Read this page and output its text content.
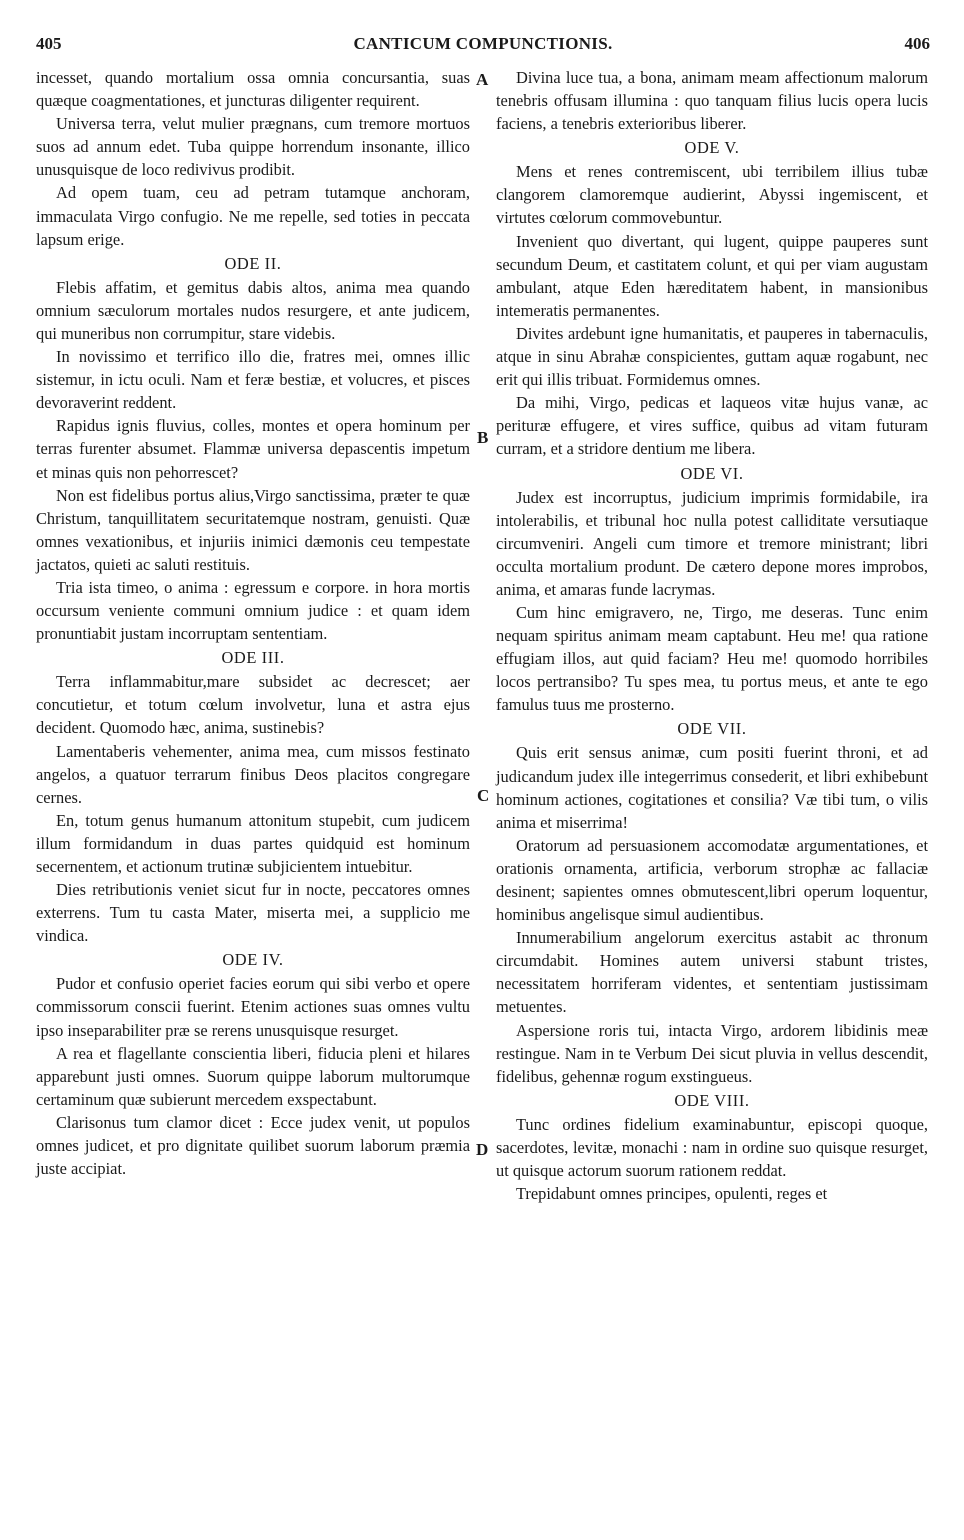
405	CANTICUM COMPUNCTIONIS.	406
A
B
C
D

incesset, quando mortalium ossa omnia concursantia, suas quæque coagmentationes, et juncturas diligenter requirent.

Universa terra, velut mulier prægnans, cum tremore mortuos suos ad annum edet. Tuba quippe horrendum insonante, illico unusquisque de loco redivivus prodibit.

Ad opem tuam, ceu ad petram tutamque anchoram, immaculata Virgo confugio. Ne me repelle, sed toties in peccata lapsum erige.

ODE II.

Flebis affatim, et gemitus dabis altos, anima mea quando omnium sæculorum mortales nudos resurgere, et ante judicem, qui muneribus non corrumpitur, stare videbis.

In novissimo et terrifico illo die, fratres mei, omnes illic sistemur, in ictu oculi. Nam et feræ bestiæ, et volucres, et pisces devoraverint reddent.

Rapidus ignis fluvius, colles, montes et opera hominum per terras furenter absumet. Flammæ universa depascentis impetum et minas quis non pehorrescet?

Non est fidelibus portus alius,Virgo sanctissima, præter te quæ Christum, tanquillitatem securitatemque nostram, genuisti. Quæ omnes vexationibus, et injuriis inimici dæmonis ceu tempestate jactatos, quieti ac saluti restituis.

Tria ista timeo, o anima : egressum e corpore. in hora mortis occursum veniente communi omnium judice : et quam idem pronuntiabit justam incorruptam sententiam.

ODE III.

Terra inflammabitur,mare subsidet ac decrescet; aer concutietur, et totum cœlum involvetur, luna et astra ejus decident. Quomodo hæc, anima, sustinebis?

Lamentaberis vehementer, anima mea, cum missos festinato angelos, a quatuor terrarum finibus Deos placitos congregare cernes.

En, totum genus humanum attonitum stupebit, cum judicem illum formidandum in duas partes quidquid est hominum secernentem, et actionum trutinæ subjicientem intuebitur.

Dies retributionis veniet sicut fur in nocte, peccatores omnes exterrens. Tum tu casta Mater, miserta mei, a supplicio me vindica.

ODE IV.

Pudor et confusio operiet facies eorum qui sibi verbo et opere commissorum conscii fuerint. Etenim actiones suas omnes vultu ipso inseparabiliter præ se rerens unusquisque resurget.

A rea et flagellante conscientia liberi, fiducia pleni et hilares apparebunt justi omnes. Suorum quippe laborum multorumque certaminum quæ subierunt mercedem exspectabunt.

Clarisonus tum clamor dicet : Ecce judex venit, ut populos omnes judicet, et pro dignitate quilibet suorum laborum præmia juste accipiat.

Divina luce tua, a bona, animam meam affectionum malorum tenebris offusam illumina : quo tanquam filius lucis opera lucis faciens, a tenebris exterioribus liberer.

ODE V.

Mens et renes contremiscent, ubi terribilem illius tubæ clangorem clamoremque audierint, Abyssi ingemiscent, et virtutes cœlorum commovebuntur.

Invenient quo divertant, qui lugent, quippe pauperes sunt secundum Deum, et castitatem colunt, et qui per viam augustam ambulant, atque Eden hæreditatem habent, in mansionibus intemeratis permanentes.

Divites ardebunt igne humanitatis, et pauperes in tabernaculis, atque in sinu Abrahæ conspicientes, guttam aquæ rogabunt, nec erit qui illis tribuat. Formidemus omnes.

Da mihi, Virgo, pedicas et laqueos vitæ hujus vanæ, ac perituræ effugere, et vires suffice, quibus ad vitam futuram curram, et a stridore dentium me libera.

ODE VI.

Judex est incorruptus, judicium imprimis formidabile, ira intolerabilis, et tribunal hoc nulla potest calliditate versutiaque circumveniri. Angeli cum timore et tremore ministrant; libri occulta mortalium produnt. De cætero depone mores improbos, anima, et amaras funde lacrymas.

Cum hinc emigravero, ne, Tirgo, me deseras. Tunc enim nequam spiritus animam meam captabunt. Heu me! qua ratione effugiam illos, aut quid faciam? Heu me! quomodo horribiles locos pertransibo? Tu spes mea, tu portus meus, et ante te ego famulus tuus me prosterno.

ODE VII.

Quis erit sensus animæ, cum positi fuerint throni, et ad judicandum judex ille integerrimus consederit, et libri exhibebunt hominum actiones, cogitationes et consilia? Væ tibi tum, o vilis anima et miserrima!

Oratorum ad persuasionem accomodatæ argumentationes, et orationis ornamenta, artificia, verborum strophæ ac fallaciæ desinent; sapientes omnes obmutescent,libri operum loquentur, hominibus angelisque simul audientibus.

Innumerabilium angelorum exercitus astabit ac thronum circumdabit. Homines autem universi stabunt tristes, necessitatem horriferam videntes, et sententiam justissimam metuentes.

Aspersione roris tui, intacta Virgo, ardorem libidinis meæ restingue. Nam in te Verbum Dei sicut pluvia in vellus descendit, fidelibus, gehennæ rogum exstingueus.

ODE VIII.

Tunc ordines fidelium examinabuntur, episcopi quoque, sacerdotes, levitæ, monachi : nam in ordine suo quisque resurget, ut quisque actorum suorum rationem reddat.

Trepidabunt omnes principes, opulenti, reges et
